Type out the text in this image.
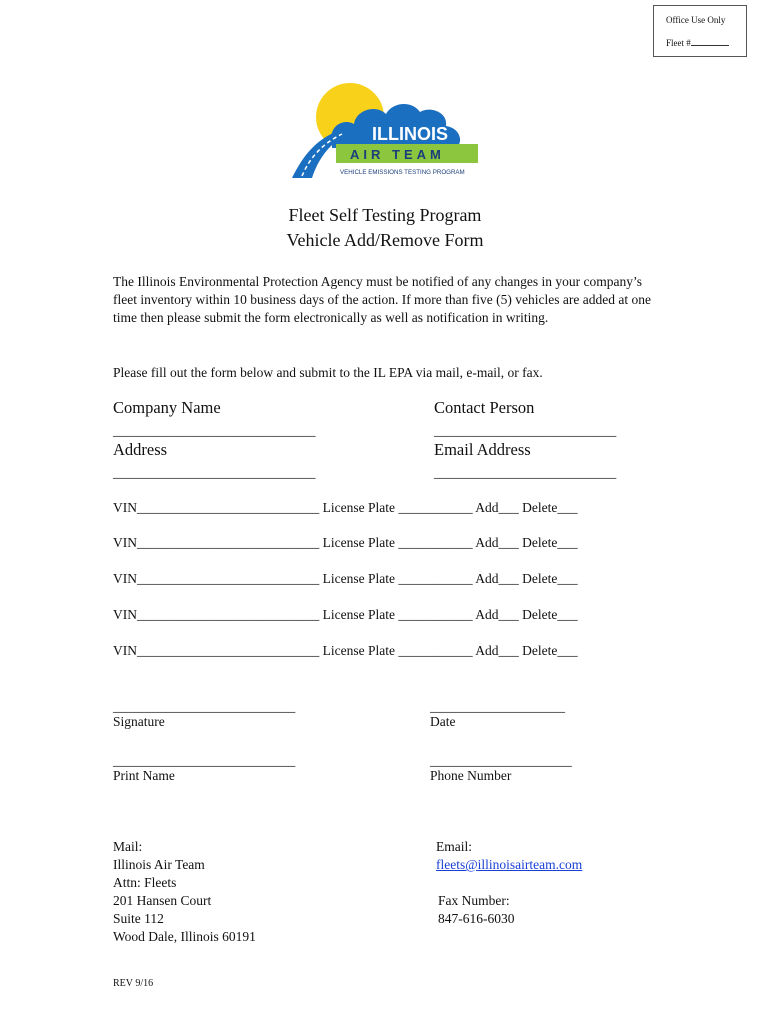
Office Use Only
Fleet #
ILLINOIS
AIR TEAM
VEHICLE EMISSIONS TESTING PROGRAM
Fleet Self Testing Program
Vehicle Add/Remove Form
The Illinois Environmental Protection Agency must be notified of any changes in your company’s fleet inventory within 10 business days of the action. If more than five (5) vehicles are added at one time then please submit the form electronically as well as notification in writing.
Please fill out the form below and submit to the IL EPA via mail, e-mail, or fax.
Company Name	Contact Person
______________________________	___________________________
Address	Email Address
______________________________	___________________________
VIN___________________________ License Plate ___________ Add___ Delete___
VIN___________________________ License Plate ___________ Add___ Delete___
VIN___________________________ License Plate ___________ Add___ Delete___
VIN___________________________ License Plate ___________ Add___ Delete___
VIN___________________________ License Plate ___________ Add___ Delete___
___________________________	____________________
Signature	Date
___________________________	_____________________
Print Name	Phone Number
Mail:
Illinois Air Team
Attn: Fleets
201 Hansen Court
Suite 112
Wood Dale, Illinois 60191
Email:
fleets@illinoisairteam.com
Fax Number:
847-616-6030
REV 9/16
